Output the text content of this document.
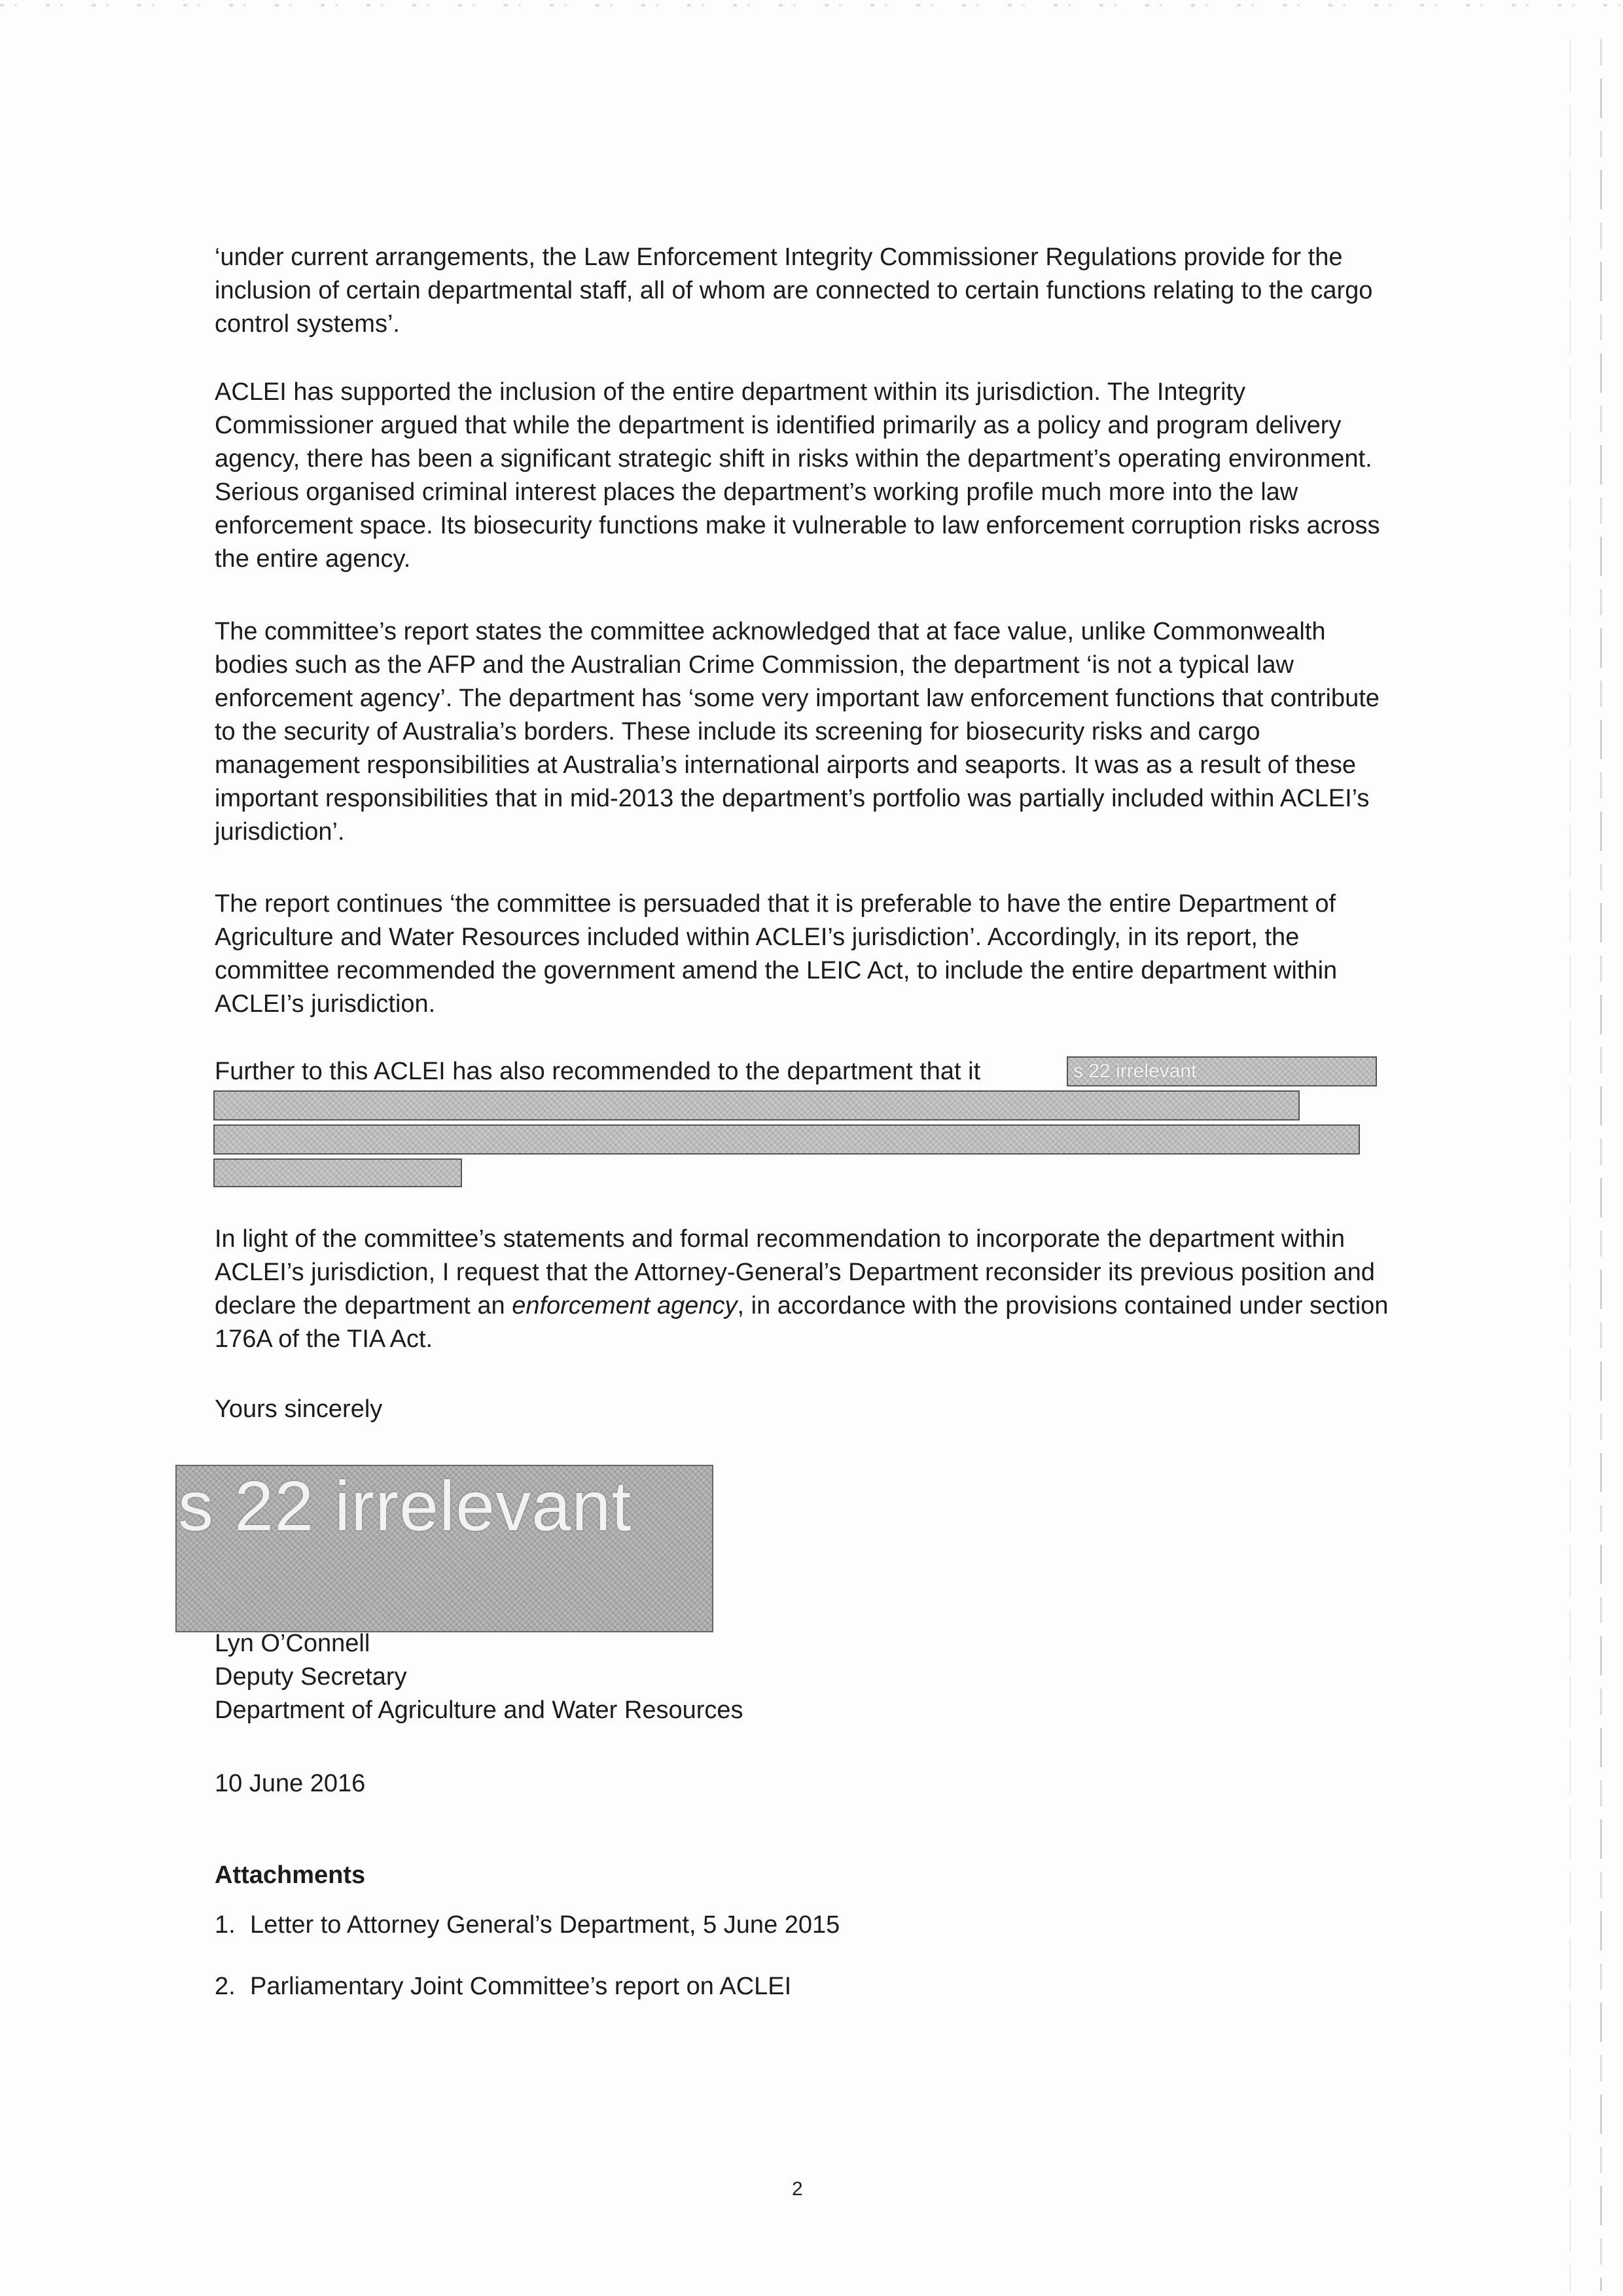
‘under current arrangements, the Law Enforcement Integrity Commissioner Regulations provide for the inclusion of certain departmental staff, all of whom are connected to certain functions relating to the cargo control systems’.

ACLEI has supported the inclusion of the entire department within its jurisdiction. The Integrity Commissioner argued that while the department is identified primarily as a policy and program delivery agency, there has been a significant strategic shift in risks within the department’s operating environment. Serious organised criminal interest places the department’s working profile much more into the law enforcement space. Its biosecurity functions make it vulnerable to law enforcement corruption risks across the entire agency.

The committee’s report states the committee acknowledged that at face value, unlike Commonwealth bodies such as the AFP and the Australian Crime Commission, the department ‘is not a typical law enforcement agency’. The department has ‘some very important law enforcement functions that contribute to the security of Australia’s borders. These include its screening for biosecurity risks and cargo management responsibilities at Australia’s international airports and seaports. It was as a result of these important responsibilities that in mid-2013 the department’s portfolio was partially included within ACLEI’s jurisdiction’.

The report continues ‘the committee is persuaded that it is preferable to have the entire Department of Agriculture and Water Resources included within ACLEI’s jurisdiction’. Accordingly, in its report, the committee recommended the government amend the LEIC Act, to include the entire department within ACLEI’s jurisdiction.

Further to this ACLEI has also recommended to the department that it	s 22 irrelevant

In light of the committee’s statements and formal recommendation to incorporate the department within ACLEI’s jurisdiction, I request that the Attorney-General’s Department reconsider its previous position and declare the department an enforcement agency, in accordance with the provisions contained under section 176A of the TIA Act.

Yours sincerely

s 22 irrelevant

Lyn O’Connell

Deputy Secretary

Department of Agriculture and Water Resources

10 June 2016

Attachments

1. Letter to Attorney General’s Department, 5 June 2015

2. Parliamentary Joint Committee’s report on ACLEI

2
